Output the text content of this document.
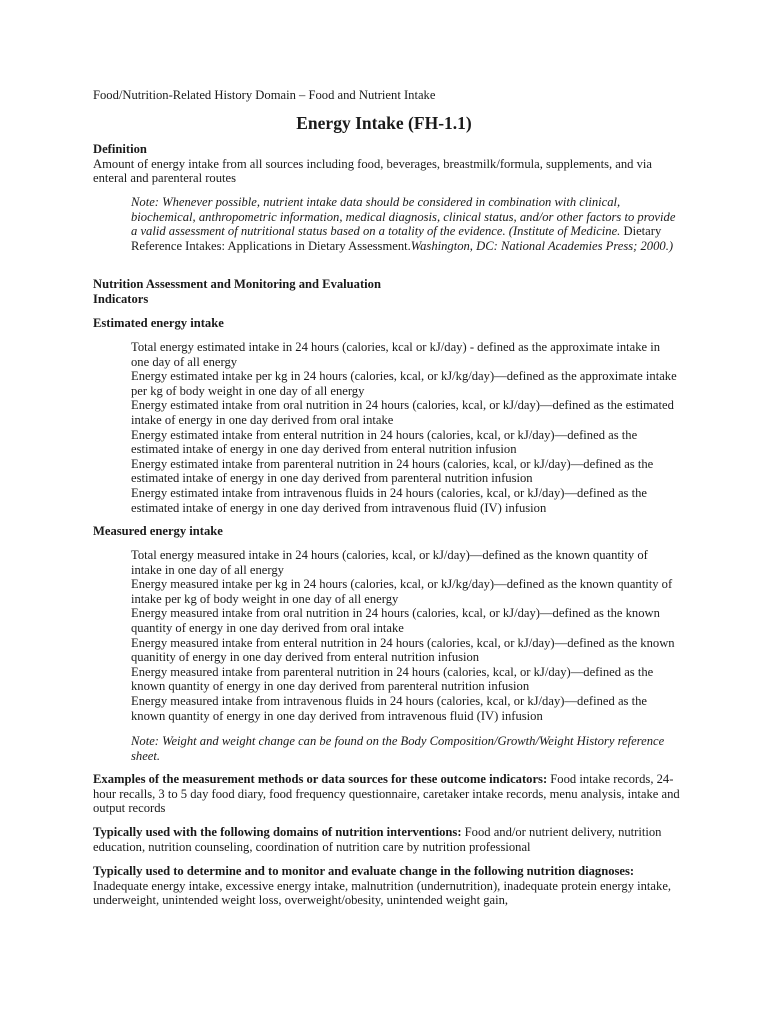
Food/Nutrition-Related History Domain – Food and Nutrient Intake
Energy Intake (FH-1.1)
Definition
Amount of energy intake from all sources including food, beverages, breastmilk/formula, supplements, and via enteral and parenteral routes
Note: Whenever possible, nutrient intake data should be considered in combination with clinical, biochemical, anthropometric information, medical diagnosis, clinical status, and/or other factors to provide a valid assessment of nutritional status based on a totality of the evidence. (Institute of Medicine. Dietary Reference Intakes: Applications in Dietary Assessment.Washington, DC: National Academies Press; 2000.)
Nutrition Assessment and Monitoring and Evaluation
Indicators
Estimated energy intake
Total energy estimated intake in 24 hours (calories, kcal or kJ/day) - defined as the approximate intake in one day of all energy
Energy estimated intake per kg in 24 hours (calories, kcal, or kJ/kg/day)—defined as the approximate intake per kg of body weight in one day of all energy
Energy estimated intake from oral nutrition in 24 hours (calories, kcal, or kJ/day)—defined as the estimated intake of energy in one day derived from oral intake
Energy estimated intake from enteral nutrition in 24 hours (calories, kcal, or kJ/day)—defined as the estimated intake of energy in one day derived from enteral nutrition infusion
Energy estimated intake from parenteral nutrition in 24 hours (calories, kcal, or kJ/day)—defined as the estimated intake of energy in one day derived from parenteral nutrition infusion
Energy estimated intake from intravenous fluids in 24 hours (calories, kcal, or kJ/day)—defined as the estimated intake of energy in one day derived from intravenous fluid (IV) infusion
Measured energy intake
Total energy measured intake in 24 hours (calories, kcal, or kJ/day)—defined as the known quantity of intake in one day of all energy
Energy measured intake per kg in 24 hours (calories, kcal, or kJ/kg/day)—defined as the known quantity of intake per kg of body weight in one day of all energy
Energy measured intake from oral nutrition in 24 hours (calories, kcal, or kJ/day)—defined as the known quantity of energy in one day derived from oral intake
Energy measured intake from enteral nutrition in 24 hours (calories, kcal, or kJ/day)—defined as the known quanitity of energy in one day derived from enteral nutrition infusion
Energy measured intake from parenteral nutrition in 24 hours (calories, kcal, or kJ/day)—defined as the known quantity of energy in one day derived from parenteral nutrition infusion
Energy measured intake from intravenous fluids in 24 hours (calories, kcal, or kJ/day)—defined as the known quantity of energy in one day derived from intravenous fluid (IV) infusion
Note: Weight and weight change can be found on the Body Composition/Growth/Weight History reference sheet.
Examples of the measurement methods or data sources for these outcome indicators: Food intake records, 24-hour recalls, 3 to 5 day food diary, food frequency questionnaire, caretaker intake records, menu analysis, intake and output records
Typically used with the following domains of nutrition interventions: Food and/or nutrient delivery, nutrition education, nutrition counseling, coordination of nutrition care by nutrition professional
Typically used to determine and to monitor and evaluate change in the following nutrition diagnoses: Inadequate energy intake, excessive energy intake, malnutrition (undernutrition), inadequate protein energy intake, underweight, unintended weight loss, overweight/obesity, unintended weight gain,
